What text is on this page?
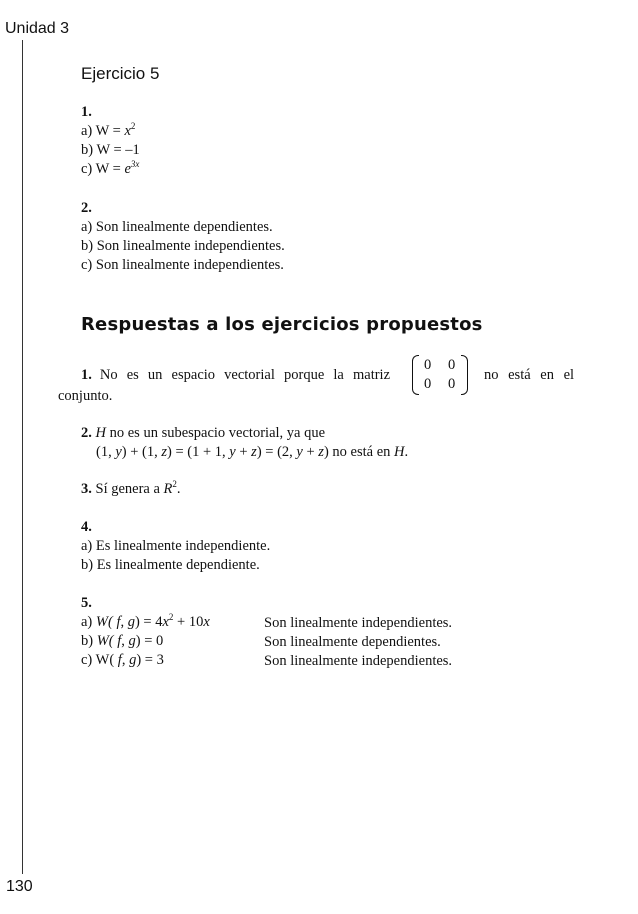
Unidad 3
130
Ejercicio 5
1.
a) $W = x^2$
b) W = –1
c) $W = e^{3x}$
2.
a) Son linealmente dependientes.
b) Son linealmente independientes.
c) Son linealmente independientes.
Respuestas a los ejercicios propuestos
1. No es un espacio vectorial porque la matriz
0 0
0 0
no está en el
conjunto.
2. H no es un subespacio vectorial, ya que
(1, y) + (1, z) = (1 + 1, y + z) = (2, y + z) no está en H.
3. Sí genera a $R^2$.
4.
a) Es linealmente independiente.
b) Es linealmente dependiente.
5.
a) W( f, $g) = 4x^2 + 10x$	Son linealmente independientes.
b) W( f, g) = 0	Son linealmente dependientes.
c) W( f, g) = 3	Son linealmente independientes.
